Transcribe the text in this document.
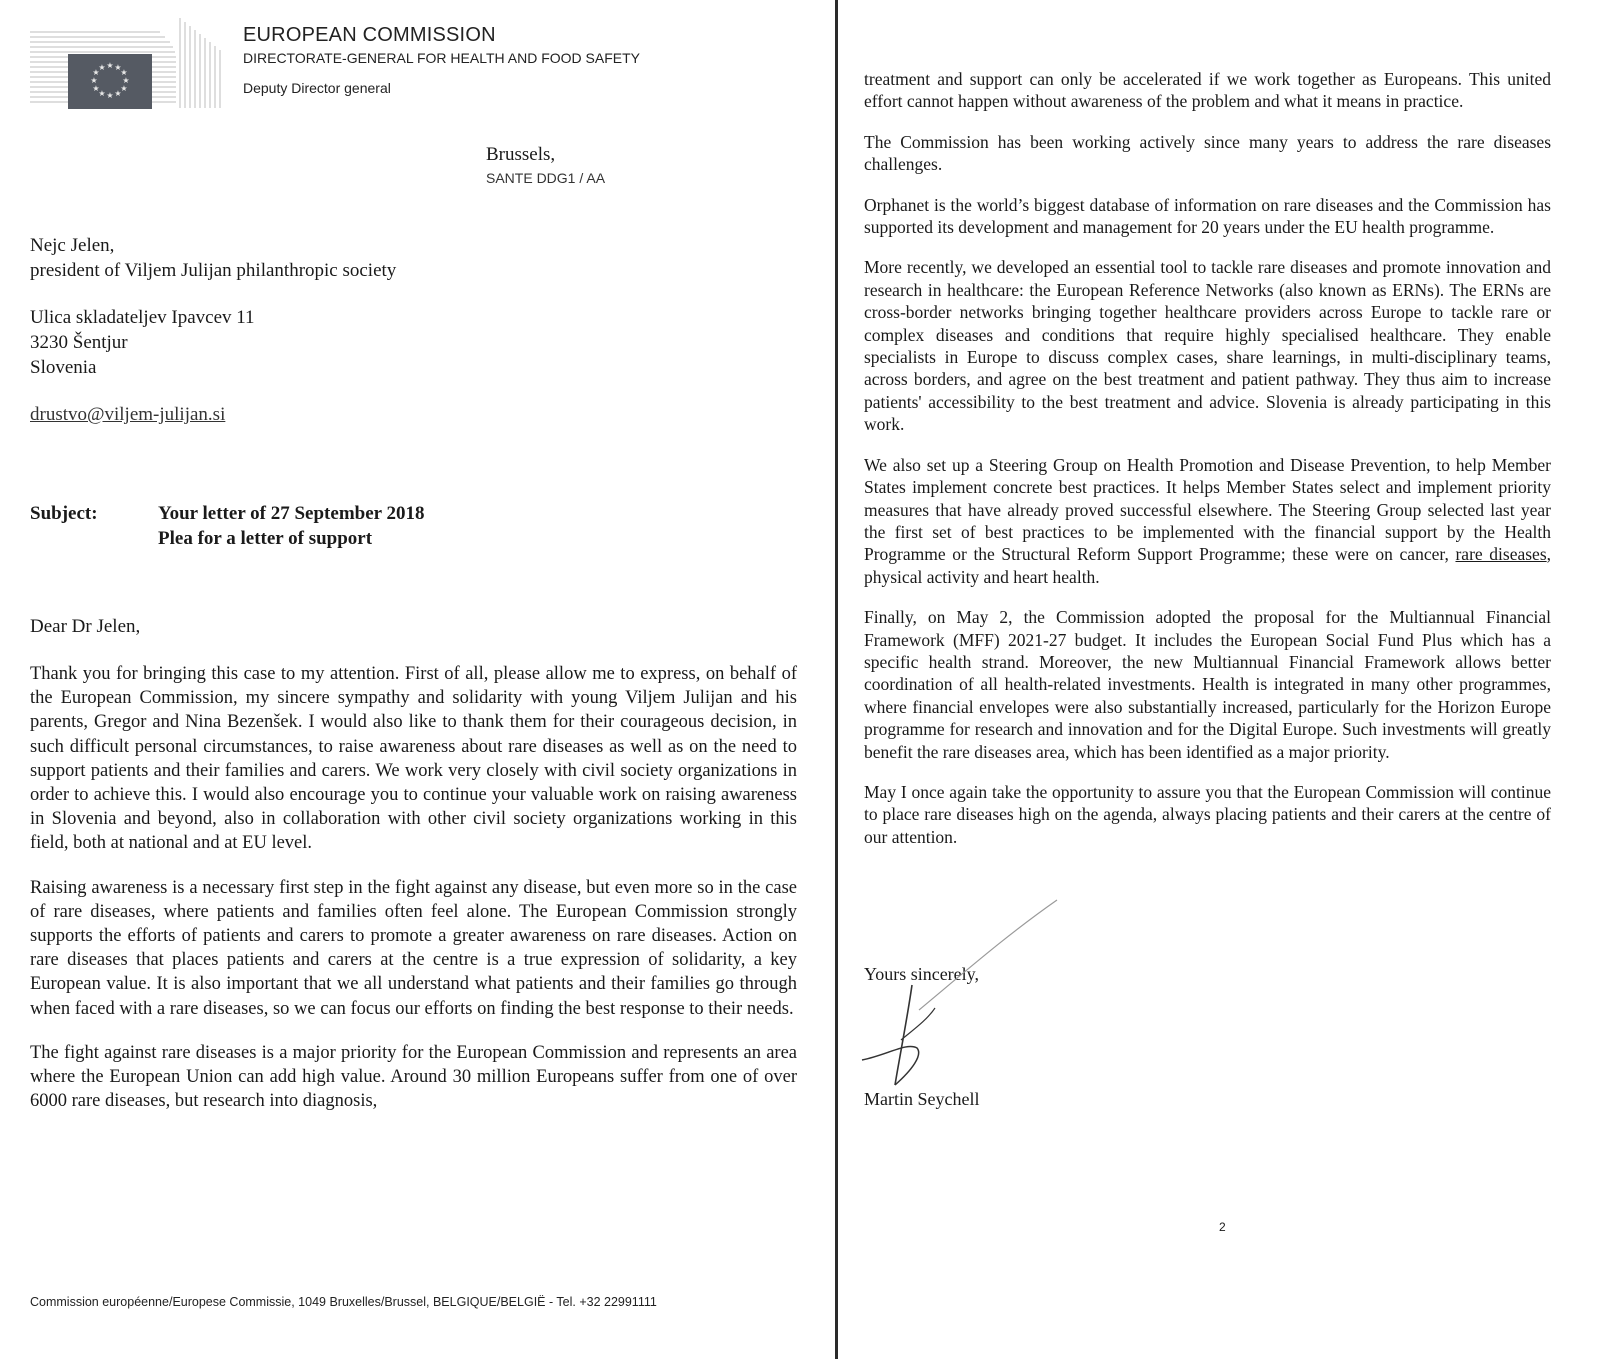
★ ★
★
★
★
★
★
★
★
★
★
★
EUROPEAN COMMISSION
DIRECTORATE-GENERAL FOR HEALTH AND FOOD SAFETY
Deputy Director general
Brussels,
SANTE DDG1 / AA
Nejc Jelen,
president of Viljem Julijan philanthropic society
Ulica skladateljev Ipavcev 11
3230 Šentjur
Slovenia
drustvo@viljem-julijan.si
Subject:	Your letter of 27 September 2018
Plea for a letter of support
Dear Dr Jelen,

Thank you for bringing this case to my attention. First of all, please allow me to express, on behalf of the European Commission, my sincere sympathy and solidarity with young Viljem Julijan and his parents, Gregor and Nina Bezenšek. I would also like to thank them for their courageous decision, in such difficult personal circumstances, to raise awareness about rare diseases as well as on the need to support patients and their families and carers. We work very closely with civil society organizations in order to achieve this. I would also encourage you to continue your valuable work on raising awareness in Slovenia and beyond, also in collaboration with other civil society organizations working in this field, both at national and at EU level.

Raising awareness is a necessary first step in the fight against any disease, but even more so in the case of rare diseases, where patients and families often feel alone. The European Commission strongly supports the efforts of patients and carers to promote a greater awareness on rare diseases. Action on rare diseases that places patients and carers at the centre is a true expression of solidarity, a key European value. It is also important that we all understand what patients and their families go through when faced with a rare diseases, so we can focus our efforts on finding the best response to their needs.

The fight against rare diseases is a major priority for the European Commission and represents an area where the European Union can add high value. Around 30 million Europeans suffer from one of over 6000 rare diseases, but research into diagnosis,

Commission européenne/Europese Commissie, 1049 Bruxelles/Brussel, BELGIQUE/BELGIË - Tel. +32 22991111

treatment and support can only be accelerated if we work together as Europeans. This united effort cannot happen without awareness of the problem and what it means in practice.

The Commission has been working actively since many years to address the rare diseases challenges.

Orphanet is the world’s biggest database of information on rare diseases and the Commission has supported its development and management for 20 years under the EU health programme.

More recently, we developed an essential tool to tackle rare diseases and promote innovation and research in healthcare: the European Reference Networks (also known as ERNs). The ERNs are cross-border networks bringing together healthcare providers across Europe to tackle rare or complex diseases and conditions that require highly specialised healthcare. They enable specialists in Europe to discuss complex cases, share learnings, in multi-disciplinary teams, across borders, and agree on the best treatment and patient pathway. They thus aim to increase patients' accessibility to the best treatment and advice. Slovenia is already participating in this work.

We also set up a Steering Group on Health Promotion and Disease Prevention, to help Member States implement concrete best practices. It helps Member States select and implement priority measures that have already proved successful elsewhere. The Steering Group selected last year the first set of best practices to be implemented with the financial support by the Health Programme or the Structural Reform Support Programme; these were on cancer, rare diseases, physical activity and heart health.

Finally, on May 2, the Commission adopted the proposal for the Multiannual Financial Framework (MFF) 2021-27 budget. It includes the European Social Fund Plus which has a specific health strand. Moreover, the new Multiannual Financial Framework allows better coordination of all health-related investments. Health is integrated in many other programmes, where financial envelopes were also substantially increased, particularly for the Horizon Europe programme for research and innovation and for the Digital Europe. Such investments will greatly benefit the rare diseases area, which has been identified as a major priority.

May I once again take the opportunity to assure you that the European Commission will continue to place rare diseases high on the agenda, always placing patients and their carers at the centre of our attention.

Yours sincerely,
Martin Seychell
2
